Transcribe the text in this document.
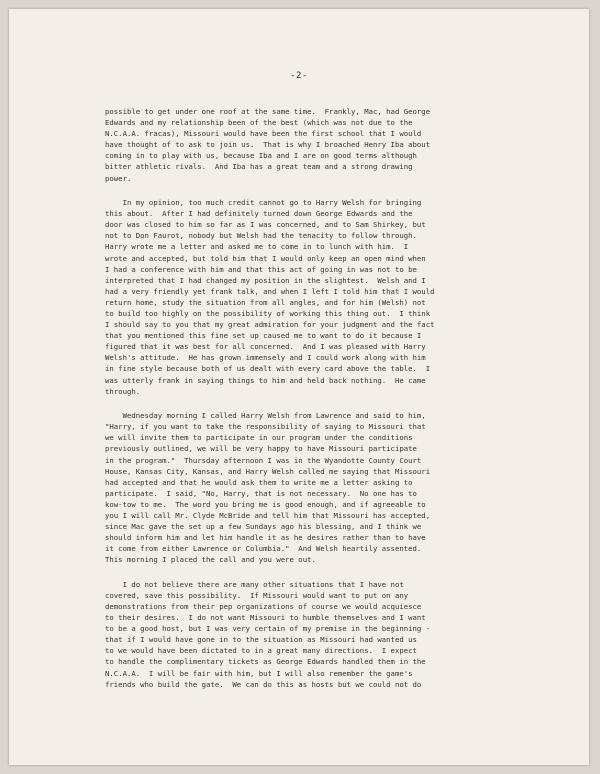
-2-
possible to get under one roof at the same time.  Frankly, Mac, had George
Edwards and my relationship been of the best (which was not due to the
N.C.A.A. fracas), Missouri would have been the first school that I would
have thought of to ask to join us.  That is why I broached Henry Iba about
coming in to play with us, because Iba and I are on good terms although
bitter athletic rivals.  And Iba has a great team and a strong drawing
power.
In my opinion, too much credit cannot go to Harry Welsh for bringing
this about.  After I had definitely turned down George Edwards and the
door was closed to him so far as I was concerned, and to Sam Shirkey, but
not to Don Faurot, nobody but Welsh had the tenacity to follow through.
Harry wrote me a letter and asked me to come in to lunch with him.  I
wrote and accepted, but told him that I would only keep an open mind when
I had a conference with him and that this act of going in was not to be
interpreted that I had changed my position in the slightest.  Welsh and I
had a very friendly yet frank talk, and when I left I told him that I would
return home, study the situation from all angles, and for him (Welsh) not
to build too highly on the possibility of working this thing out.  I think
I should say to you that my great admiration for your judgment and the fact
that you mentioned this fine set up caused me to want to do it because I
figured that it was best for all concerned.  And I was pleased with Harry
Welsh's attitude.  He has grown immensely and I could work along with him
in fine style because both of us dealt with every card above the table.  I
was utterly frank in saying things to him and held back nothing.  He came
through.
Wednesday morning I called Harry Welsh from Lawrence and said to him,
"Harry, if you want to take the responsibility of saying to Missouri that
we will invite them to participate in our program under the conditions
previously outlined, we will be very happy to have Missouri participate
in the program."  Thursday afternoon I was in the Wyandotte County Court
House, Kansas City, Kansas, and Harry Welsh called me saying that Missouri
had accepted and that he would ask them to write me a letter asking to
participate.  I said, "No, Harry, that is not necessary.  No one has to
kow-tow to me.  The word you bring me is good enough, and if agreeable to
you I will call Mr. Clyde McBride and tell him that Missouri has accepted,
since Mac gave the set up a few Sundays ago his blessing, and I think we
should inform him and let him handle it as he desires rather than to have
it come from either Lawrence or Columbia."  And Welsh heartily assented.
This morning I placed the call and you were out.
I do not believe there are many other situations that I have not
covered, save this possibility.  If Missouri would want to put on any
demonstrations from their pep organizations of course we would acquiesce
to their desires.  I do not want Missouri to humble themselves and I want
to be a good host, but I was very certain of my premise in the beginning -
that if I would have gone in to the situation as Missouri had wanted us
to we would have been dictated to in a great many directions.  I expect
to handle the complimentary tickets as George Edwards handled them in the
N.C.A.A.  I will be fair with him, but I will also remember the game's
friends who build the gate.  We can do this as hosts but we could not do
